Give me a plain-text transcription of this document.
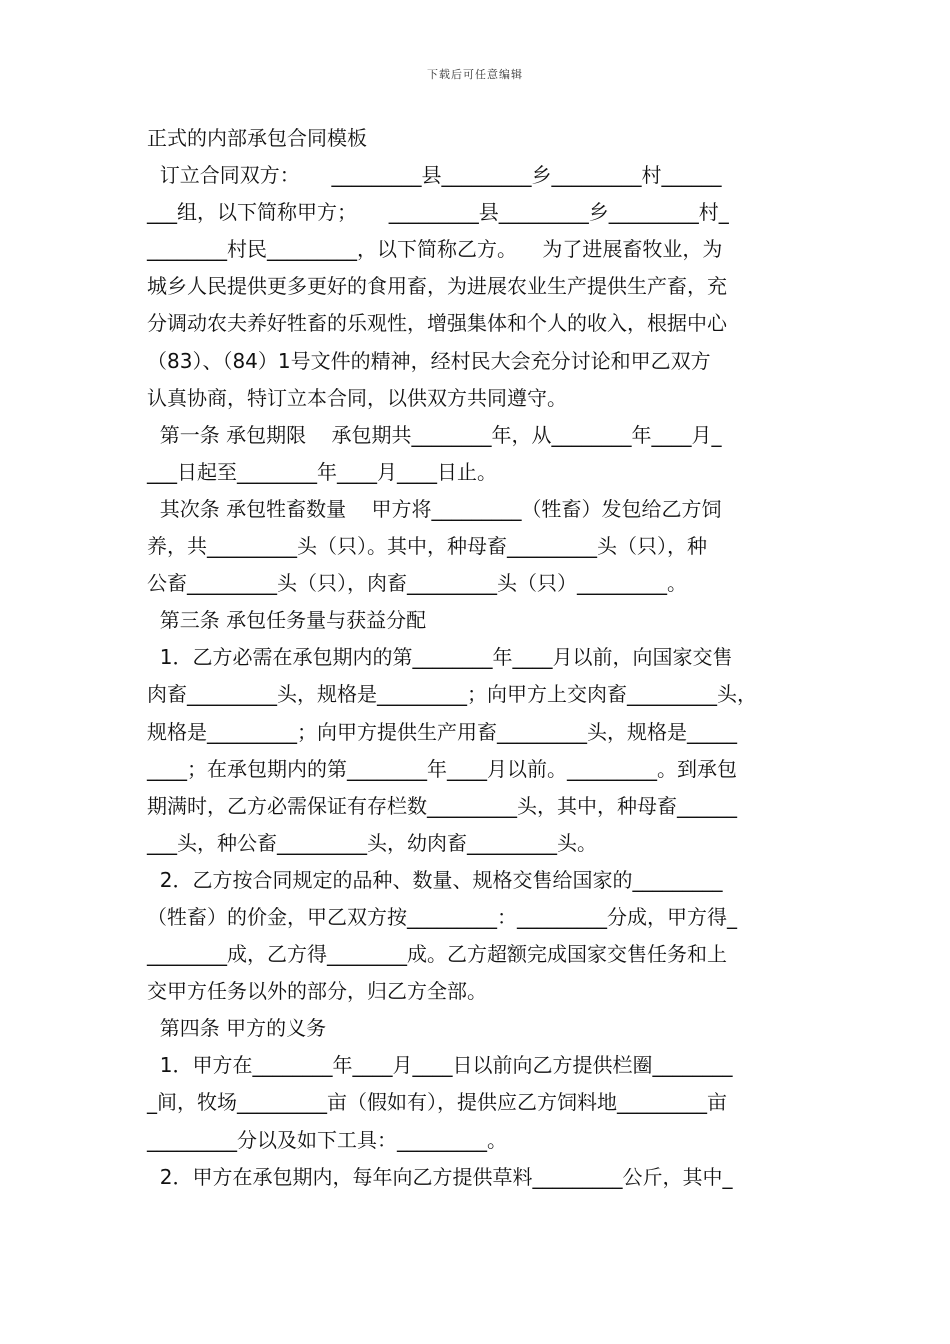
下载后可任意编辑
正式的内部承包合同模板
订立合同双方：     _________县_________乡_________村______
___组，以下简称甲方；     _________县_________乡_________村_
________村民_________，以下简称乙方。    为了进展畜牧业，为
城乡人民提供更多更好的食用畜，为进展农业生产提供生产畜，充
分调动农夫养好牲畜的乐观性，增强集体和个人的收入，根据中心
（83）、（84）1号文件的精神，经村民大会充分讨论和甲乙双方
认真协商，特订立本合同，以供双方共同遵守。
第一条 承包期限    承包期共________年，从________年____月_
___日起至________年____月____日止。
其次条 承包牲畜数量    甲方将_________（牲畜）发包给乙方饲
养，共_________头（只）。其中，种母畜_________头（只），种
公畜_________头（只），肉畜_________头（只）_________。
第三条 承包任务量与获益分配
1．乙方必需在承包期内的第________年____月以前，向国家交售
肉畜_________头，规格是_________；向甲方上交肉畜_________头，
规格是_________；向甲方提供生产用畜_________头，规格是_____
____；在承包期内的第________年____月以前。_________。到承包
期满时，乙方必需保证有存栏数_________头，其中，种母畜______
___头，种公畜_________头，幼肉畜_________头。
2．乙方按合同规定的品种、数量、规格交售给国家的_________
（牲畜）的价金，甲乙双方按_________：_________分成，甲方得_
________成，乙方得________成。乙方超额完成国家交售任务和上
交甲方任务以外的部分，归乙方全部。
第四条 甲方的义务
1．甲方在________年____月____日以前向乙方提供栏圈________
_间，牧场_________亩（假如有），提供应乙方饲料地_________亩
_________分以及如下工具：_________。
2．甲方在承包期内，每年向乙方提供草料_________公斤，其中_
